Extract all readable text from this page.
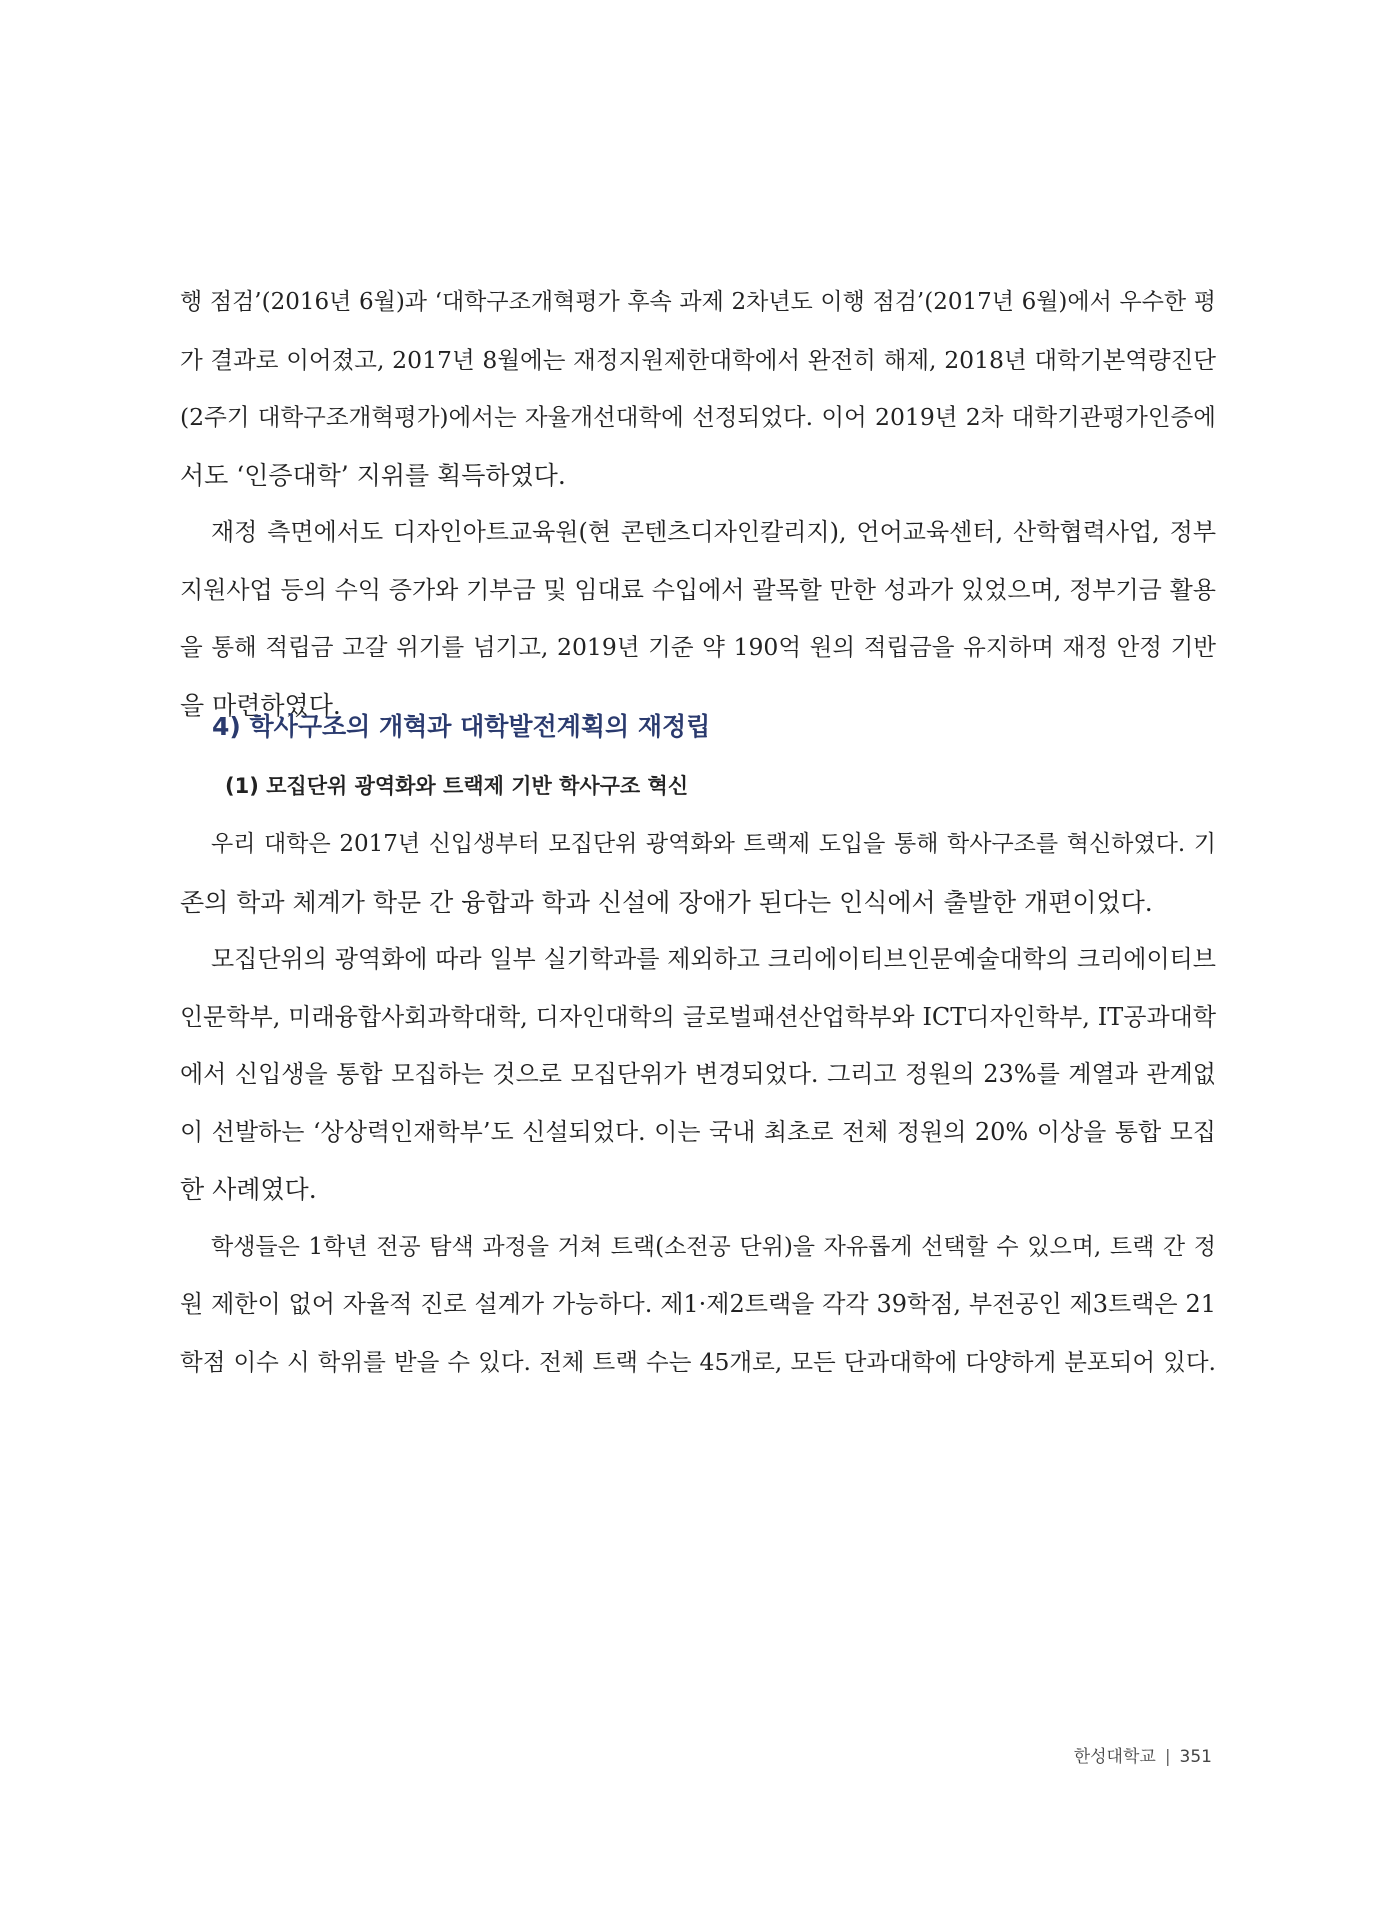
행 점검’(2016년 6월)과 ‘대학구조개혁평가 후속 과제 2차년도 이행 점검’(2017년 6월)에서 우수한 평
가 결과로 이어졌고, 2017년 8월에는 재정지원제한대학에서 완전히 해제, 2018년 대학기본역량진단
(2주기 대학구조개혁평가)에서는 자율개선대학에 선정되었다. 이어 2019년 2차 대학기관평가인증에
서도 ‘인증대학’ 지위를 획득하였다.
재정 측면에서도 디자인아트교육원(현 콘텐츠디자인칼리지), 언어교육센터, 산학협력사업, 정부
지원사업 등의 수익 증가와 기부금 및 임대료 수입에서 괄목할 만한 성과가 있었으며, 정부기금 활용
을 통해 적립금 고갈 위기를 넘기고, 2019년 기준 약 190억 원의 적립금을 유지하며 재정 안정 기반
을 마련하였다.
4) 학사구조의 개혁과 대학발전계획의 재정립
(1) 모집단위 광역화와 트랙제 기반 학사구조 혁신
우리 대학은 2017년 신입생부터 모집단위 광역화와 트랙제 도입을 통해 학사구조를 혁신하였다. 기
존의 학과 체계가 학문 간 융합과 학과 신설에 장애가 된다는 인식에서 출발한 개편이었다.
모집단위의 광역화에 따라 일부 실기학과를 제외하고 크리에이티브인문예술대학의 크리에이티브
인문학부, 미래융합사회과학대학, 디자인대학의 글로벌패션산업학부와 ICT디자인학부, IT공과대학
에서 신입생을 통합 모집하는 것으로 모집단위가 변경되었다. 그리고 정원의 23%를 계열과 관계없
이 선발하는 ‘상상력인재학부’도 신설되었다. 이는 국내 최초로 전체 정원의 20% 이상을 통합 모집
한 사례였다.
학생들은 1학년 전공 탐색 과정을 거쳐 트랙(소전공 단위)을 자유롭게 선택할 수 있으며, 트랙 간 정
원 제한이 없어 자율적 진로 설계가 가능하다. 제1·제2트랙을 각각 39학점, 부전공인 제3트랙은 21
학점 이수 시 학위를 받을 수 있다. 전체 트랙 수는 45개로, 모든 단과대학에 다양하게 분포되어 있다.
한성대학교 | 351
